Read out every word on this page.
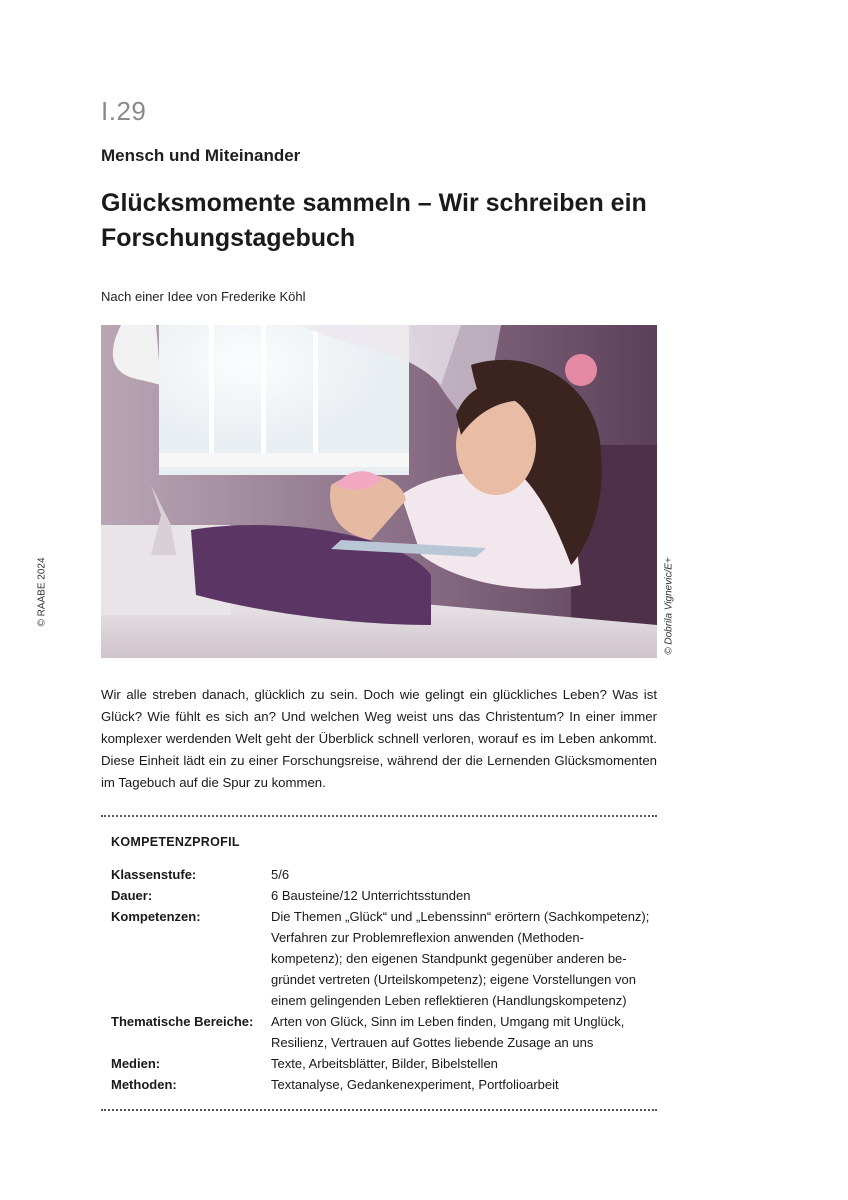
I.29
Mensch und Miteinander
Glücksmomente sammeln – Wir schreiben ein
Forschungstagebuch
Nach einer Idee von Frederike Köhl
© RAABE 2024	© Dobrila Vignevic/E+

Wir alle streben danach, glücklich zu sein. Doch wie gelingt ein glückliches Leben? Was ist Glück? Wie fühlt es sich an? Und welchen Weg weist uns das Christentum? In einer immer komplexer werdenden Welt geht der Überblick schnell verloren, worauf es im Leben ankommt. Diese Einheit lädt ein zu einer Forschungsreise, während der die Lernenden Glücksmomenten im Tagebuch auf die Spur zu kommen.

KOMPETENZPROFIL
Klassenstufe:	5/6
Dauer:	6 Bausteine/12 Unterrichtsstunden
Kompetenzen:	Die Themen „Glück“ und „Lebenssinn“ erörtern (Sachkompetenz);
Verfahren zur Problemreflexion anwenden (Methoden-
kompetenz); den eigenen Standpunkt gegenüber anderen be-
gründet vertreten (Urteilskompetenz); eigene Vorstellungen von
einem gelingenden Leben reflektieren (Handlungskompetenz)
Thematische Bereiche:	Arten von Glück, Sinn im Leben finden, Umgang mit Unglück,
Resilienz, Vertrauen auf Gottes liebende Zusage an uns
Medien:	Texte, Arbeitsblätter, Bilder, Bibelstellen
Methoden:	Textanalyse, Gedankenexperiment, Portfolioarbeit
